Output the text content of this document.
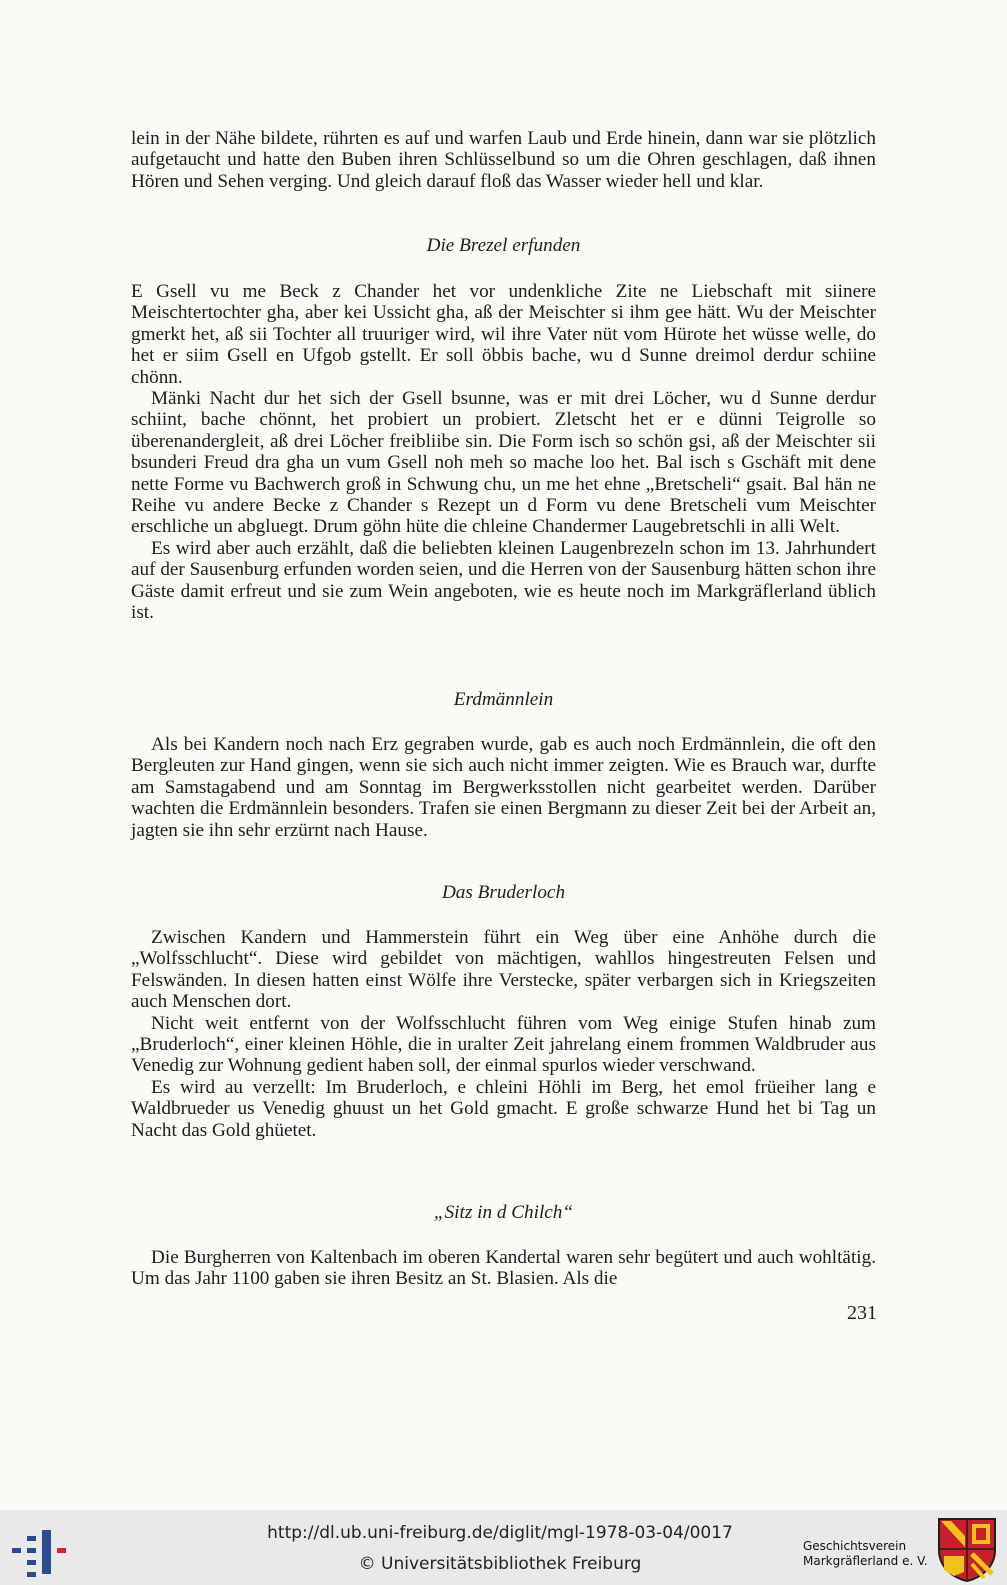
lein in der Nähe bildete, rührten es auf und warfen Laub und Erde hinein, dann war sie plötzlich aufgetaucht und hatte den Buben ihren Schlüsselbund so um die Ohren geschlagen, daß ihnen Hören und Sehen verging. Und gleich darauf floß das Wasser wieder hell und klar.

Die Brezel erfunden

E Gsell vu me Beck z Chander het vor undenkliche Zite ne Liebschaft mit siinere Meischtertochter gha, aber kei Ussicht gha, aß der Meischter si ihm gee hätt. Wu der Meischter gmerkt het, aß sii Tochter all truuriger wird, wil ihre Vater nüt vom Hürote het wüsse welle, do het er siim Gsell en Ufgob gstellt. Er soll öbbis bache, wu d Sunne dreimol derdur schiine chönn.

Mänki Nacht dur het sich der Gsell bsunne, was er mit drei Löcher, wu d Sunne derdur schiint, bache chönnt, het probiert un probiert. Zletscht het er e dünni Teigrolle so überenandergleit, aß drei Löcher freibliibe sin. Die Form isch so schön gsi, aß der Meischter sii bsunderi Freud dra gha un vum Gsell noh meh so mache loo het. Bal isch s Gschäft mit dene nette Forme vu Bachwerch groß in Schwung chu, un me het ehne „Bretscheli“ gsait. Bal hän ne Reihe vu andere Becke z Chander s Rezept un d Form vu dene Bretscheli vum Meischter erschliche un abgluegt. Drum göhn hüte die chleine Chandermer Laugebretschli in alli Welt.

Es wird aber auch erzählt, daß die beliebten kleinen Laugenbrezeln schon im 13. Jahrhundert auf der Sausenburg erfunden worden seien, und die Herren von der Sausenburg hätten schon ihre Gäste damit erfreut und sie zum Wein angeboten, wie es heute noch im Markgräflerland üblich ist.

Erdmännlein

Als bei Kandern noch nach Erz gegraben wurde, gab es auch noch Erdmännlein, die oft den Bergleuten zur Hand gingen, wenn sie sich auch nicht immer zeigten. Wie es Brauch war, durfte am Samstagabend und am Sonntag im Bergwerksstollen nicht gearbeitet werden. Darüber wachten die Erdmännlein besonders. Trafen sie einen Bergmann zu dieser Zeit bei der Arbeit an, jagten sie ihn sehr erzürnt nach Hause.

Das Bruderloch

Zwischen Kandern und Hammerstein führt ein Weg über eine Anhöhe durch die „Wolfsschlucht“. Diese wird gebildet von mächtigen, wahllos hingestreuten Felsen und Felswänden. In diesen hatten einst Wölfe ihre Verstecke, später verbargen sich in Kriegszeiten auch Menschen dort.

Nicht weit entfernt von der Wolfsschlucht führen vom Weg einige Stufen hinab zum „Bruderloch“, einer kleinen Höhle, die in uralter Zeit jahrelang einem frommen Waldbruder aus Venedig zur Wohnung gedient haben soll, der einmal spurlos wieder verschwand.

Es wird au verzellt: Im Bruderloch, e chleini Höhli im Berg, het emol früeiher lang e Waldbrueder us Venedig ghuust un het Gold gmacht. E große schwarze Hund het bi Tag un Nacht das Gold ghüetet.

„Sitz in d Chilch“

Die Burgherren von Kaltenbach im oberen Kandertal waren sehr begütert und auch wohltätig. Um das Jahr 1100 gaben sie ihren Besitz an St. Blasien. Als die

231
http://dl.ub.uni-freiburg.de/diglit/mgl-1978-03-04/0017
© Universitätsbibliothek Freiburg
Geschichtsverein
Markgräflerland e. V.
